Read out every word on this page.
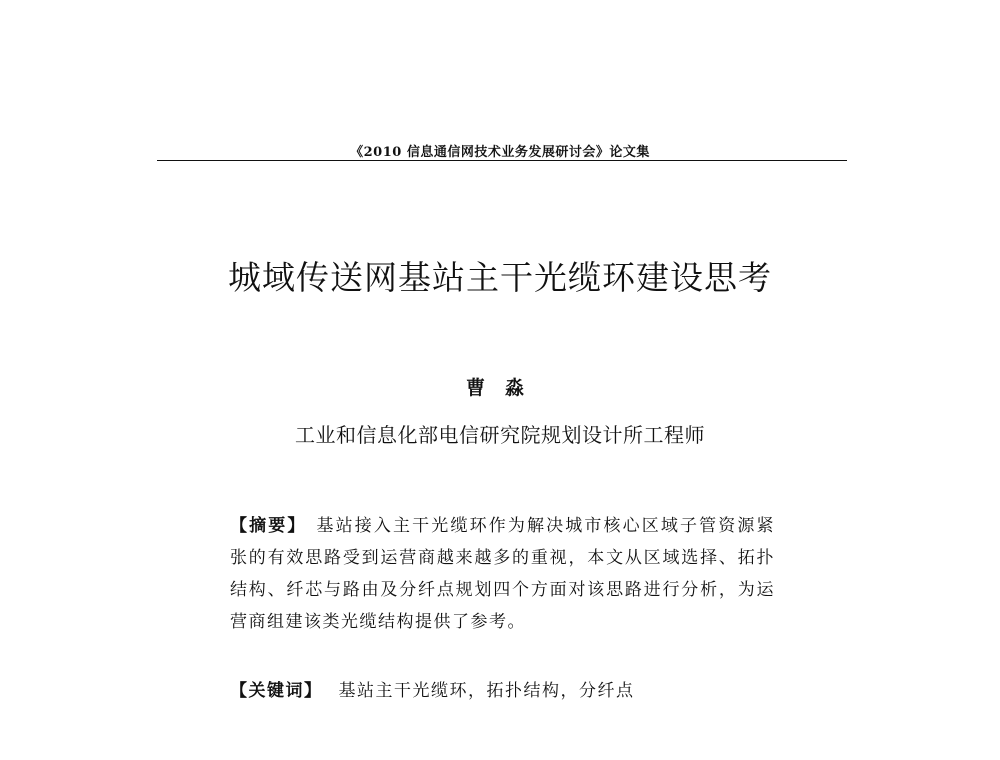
《2010 信息通信网技术业务发展研讨会》论文集
城域传送网基站主干光缆环建设思考
曹淼
工业和信息化部电信研究院规划设计所工程师
【摘要】 基站接入主干光缆环作为解决城市核心区域子管资源紧张的有效思路受到运营商越来越多的重视，本文从区域选择、拓扑结构、纤芯与路由及分纤点规划四个方面对该思路进行分析，为运营商组建该类光缆结构提供了参考。
【关键词】 基站主干光缆环，拓扑结构，分纤点
